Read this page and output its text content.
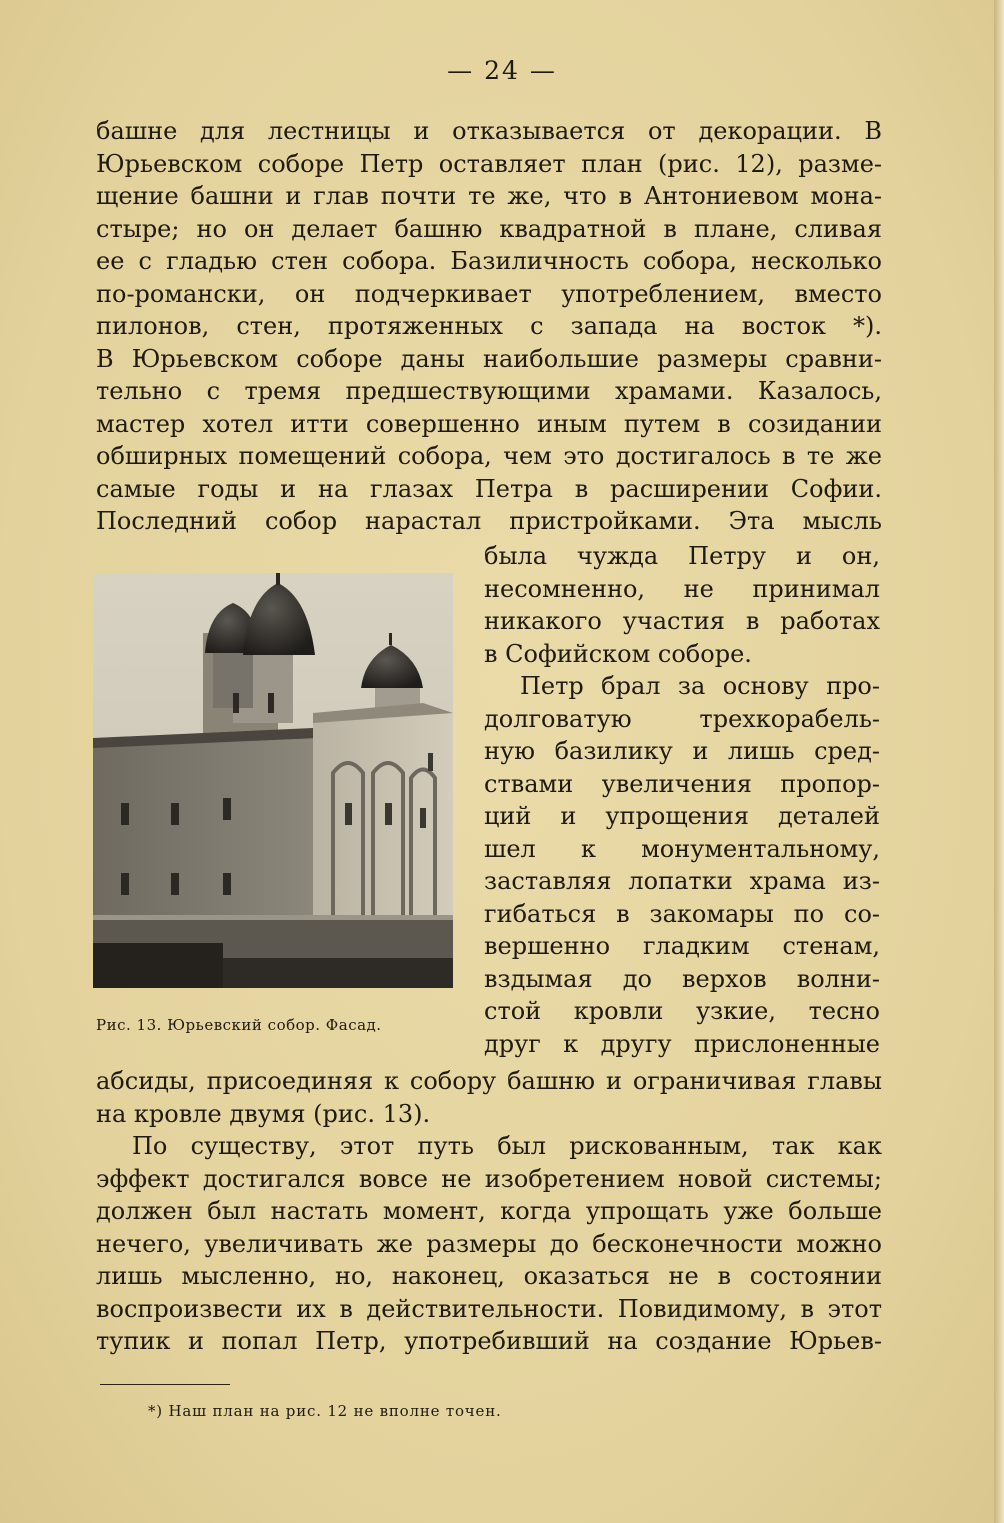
— 24 —
башне для лестницы и отказывается от декорации. В
Юрьевском соборе Петр оставляет план (рис. 12), разме-
щение башни и глав почти те же, что в Антониевом мона-
стыре; но он делает башню квадратной в плане, сливая
ее с гладью стен собора. Базиличность собора, несколько
по-романски, он подчеркивает употреблением, вместо
пилонов, стен, протяженных с запада на восток *).
В Юрьевском соборе даны наибольшие размеры сравни-
тельно с тремя предшествующими храмами. Казалось,
мастер хотел итти совершенно иным путем в созидании
обширных помещений собора, чем это достигалось в те же
самые годы и на глазах Петра в расширении Софии.
Последний собор нарастал пристройками. Эта мысль
была чужда Петру и он,
несомненно, не принимал
никакого участия в работах
в Софийском соборе.
Петр брал за основу про-
долговатую трехкорабель-
ную базилику и лишь сред-
ствами увеличения пропор-
ций и упрощения деталей
шел к монументальному,
заставляя лопатки храма из-
гибаться в закомары по со-
вершенно гладким стенам,
вздымая до верхов волни-
стой кровли узкие, тесно
друг к другу прислоненные
Рис. 13. Юрьевский собор. Фасад.
абсиды, присоединяя к собору башню и ограничивая главы
на кровле двумя (рис. 13).
По существу, этот путь был рискованным, так как
эффект достигался вовсе не изобретением новой системы;
должен был настать момент, когда упрощать уже больше
нечего, увеличивать же размеры до бесконечности можно
лишь мысленно, но, наконец, оказаться не в состоянии
воспроизвести их в действительности. Повидимому, в этот
тупик и попал Петр, употребивший на создание Юрьев-
*) Наш план на рис. 12 не вполне точен.
